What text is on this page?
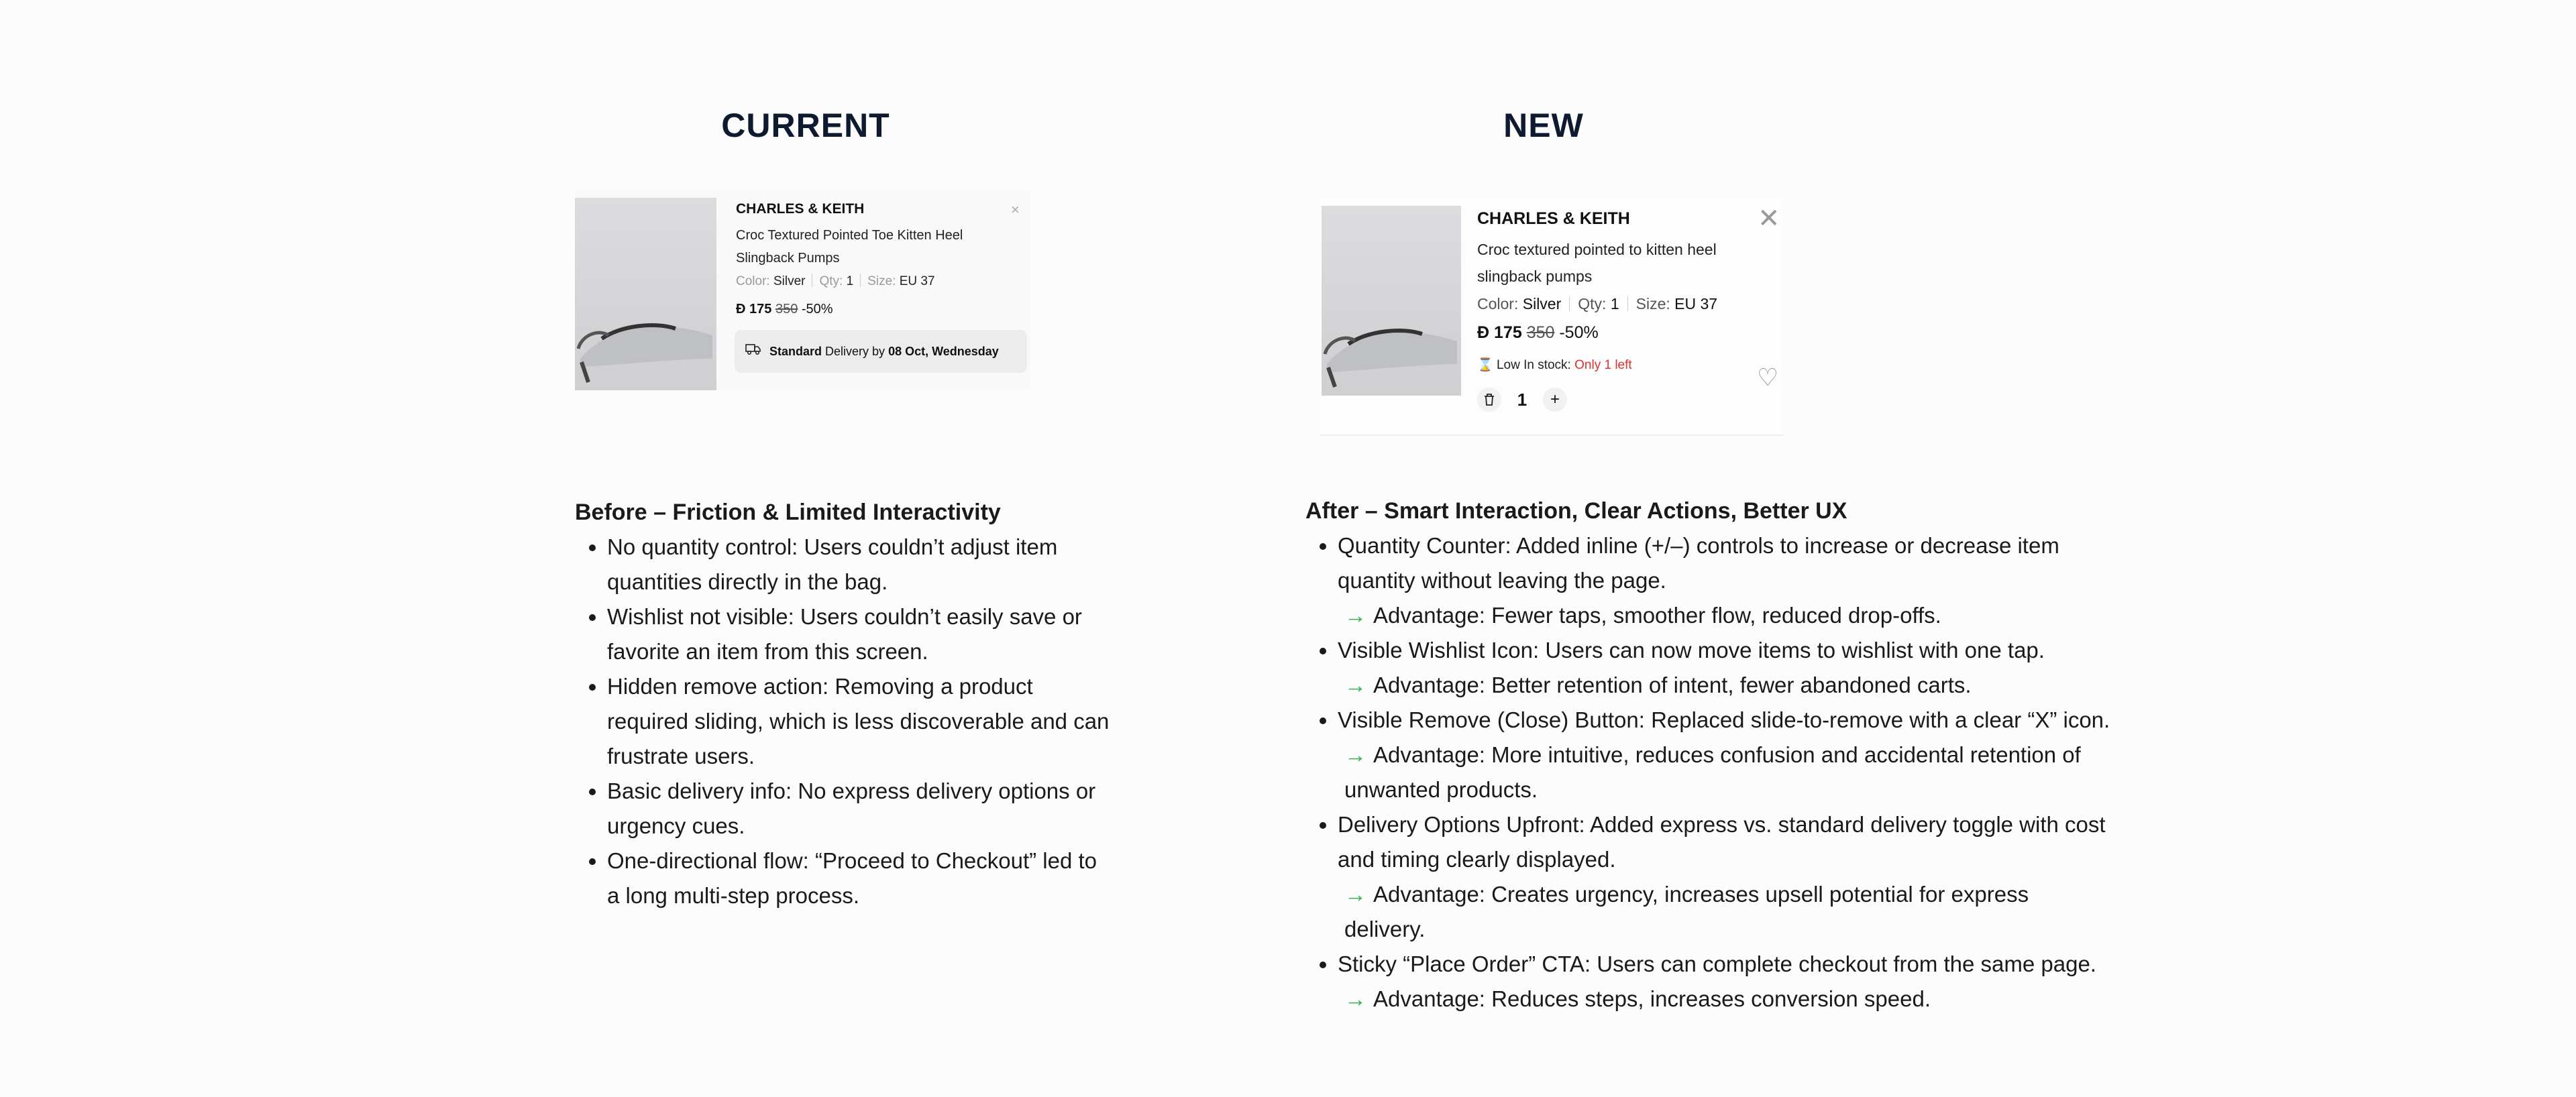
CURRENT	NEW
CHARLES & KEITH	×
Croc Textured Pointed Toe Kitten Heel Slingback Pumps
Color: Silver Qty: 1 Size: EU 37
Đ 175 350 -50%
Standard
Delivery by
08 Oct, Wednesday
CHARLES & KEITH	✕
Croc textured pointed to kitten heel slingback pumps
Color: Silver Qty: 1 Size: EU 37
Đ 175 350 -50%
⌛ Low In stock: Only 1 left	♡
1	+
Before – Friction & Limited Interactivity
• No quantity control: Users couldn’t adjust item quantities directly in the bag.
• Wishlist not visible: Users couldn’t easily save or favorite an item from this screen.
• Hidden remove action: Removing a product required sliding, which is less discoverable and can frustrate users.
• Basic delivery info: No express delivery options or urgency cues.
• One-directional flow: “Proceed to Checkout” led to a long multi-step process.
After – Smart Interaction, Clear Actions, Better UX
• Quantity Counter: Added inline (+/–) controls to increase or decrease item quantity without leaving the page.
→ Advantage: Fewer taps, smoother flow, reduced drop-offs.
• Visible Wishlist Icon: Users can now move items to wishlist with one tap.
→ Advantage: Better retention of intent, fewer abandoned carts.
• Visible Remove (Close) Button: Replaced slide-to-remove with a clear “X” icon.
→ Advantage: More intuitive, reduces confusion and accidental retention of unwanted products.
• Delivery Options Upfront: Added express vs. standard delivery toggle with cost and timing clearly displayed.
→ Advantage: Creates urgency, increases upsell potential for express delivery.
• Sticky “Place Order” CTA: Users can complete checkout from the same page.
→ Advantage: Reduces steps, increases conversion speed.
